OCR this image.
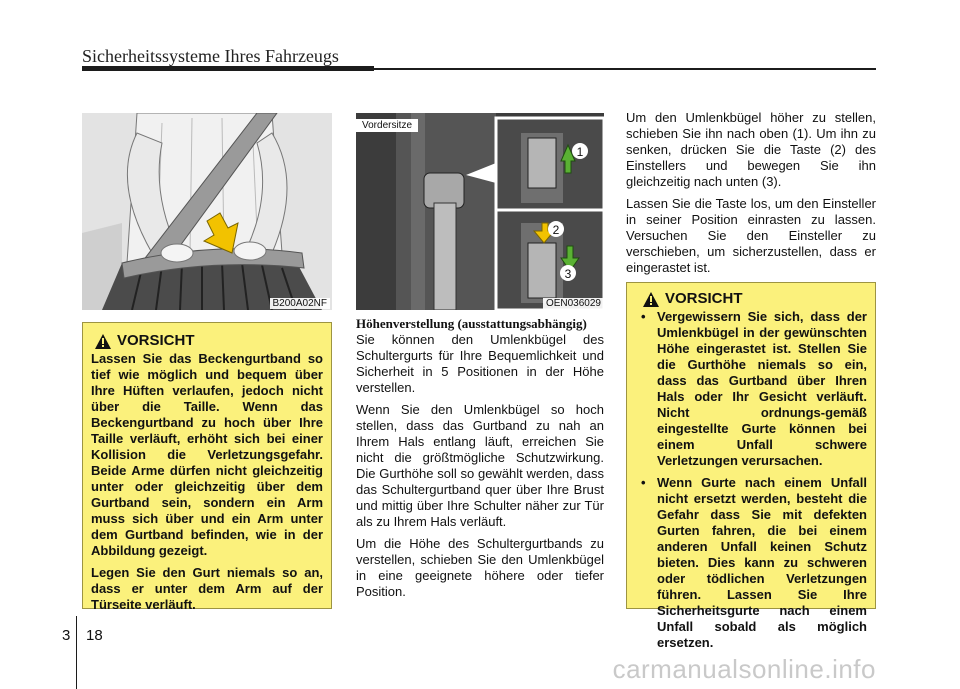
Sicherheitssysteme Ihres Fahrzeugs
B200A02NF
1
2
3
Vordersitze
OEN036029
VORSICHT

Lassen Sie das Beckengurtband so tief wie möglich und bequem über Ihre Hüften verlaufen, jedoch nicht über die Taille. Wenn das Beckengurtband zu hoch über Ihre Taille verläuft, erhöht sich bei einer Kollision die Verletzungsgefahr. Beide Arme dürfen nicht gleichzeitig unter oder gleichzeitig über dem Gurtband sein, sondern ein Arm muss sich über und ein Arm unter dem Gurtband befinden, wie in der Abbildung gezeigt.

Legen Sie den Gurt niemals so an, dass er unter dem Arm auf der Türseite verläuft.

Höhenverstellung (ausstattungsabhängig)

Sie können den Umlenkbügel des Schultergurts für Ihre Bequemlichkeit und Sicherheit in 5 Positionen in der Höhe verstellen.

Wenn Sie den Umlenkbügel so hoch stellen, dass das Gurtband zu nah an Ihrem Hals entlang läuft, erreichen Sie nicht die größtmögliche Schutzwirkung. Die Gurthöhe soll so gewählt werden, dass das Schultergurtband quer über Ihre Brust und mittig über Ihre Schulter näher zur Tür als zu Ihrem Hals verläuft.

Um die Höhe des Schultergurtbands zu verstellen, schieben Sie den Umlenkbügel in eine geeignete höhere oder tiefer Position.

Um den Umlenkbügel höher zu stellen, schieben Sie ihn nach oben (1). Um ihn zu senken, drücken Sie die Taste (2) des Einstellers und bewegen Sie ihn gleichzeitig nach unten (3).

Lassen Sie die Taste los, um den Einsteller in seiner Position einrasten zu lassen. Versuchen Sie den Einsteller zu verschieben, um sicherzustellen, dass er eingerastet ist.

VORSICHT
• Vergewissern Sie sich, dass der Umlenkbügel in der gewünschten Höhe eingerastet ist. Stellen Sie die Gurthöhe niemals so ein, dass das Gurtband über Ihren Hals oder Ihr Gesicht verläuft. Nicht ordnungs-gemäß eingestellte Gurte können bei einem Unfall schwere Verletzungen verursachen.
• Wenn Gurte nach einem Unfall nicht ersetzt werden, besteht die Gefahr dass Sie mit defekten Gurten fahren, die bei einem anderen Unfall keinen Schutz bieten. Dies kann zu schweren oder tödlichen Verletzungen führen. Lassen Sie Ihre Sicherheitsgurte nach einem Unfall sobald als möglich ersetzen.
3 18
carmanualsonline.info
